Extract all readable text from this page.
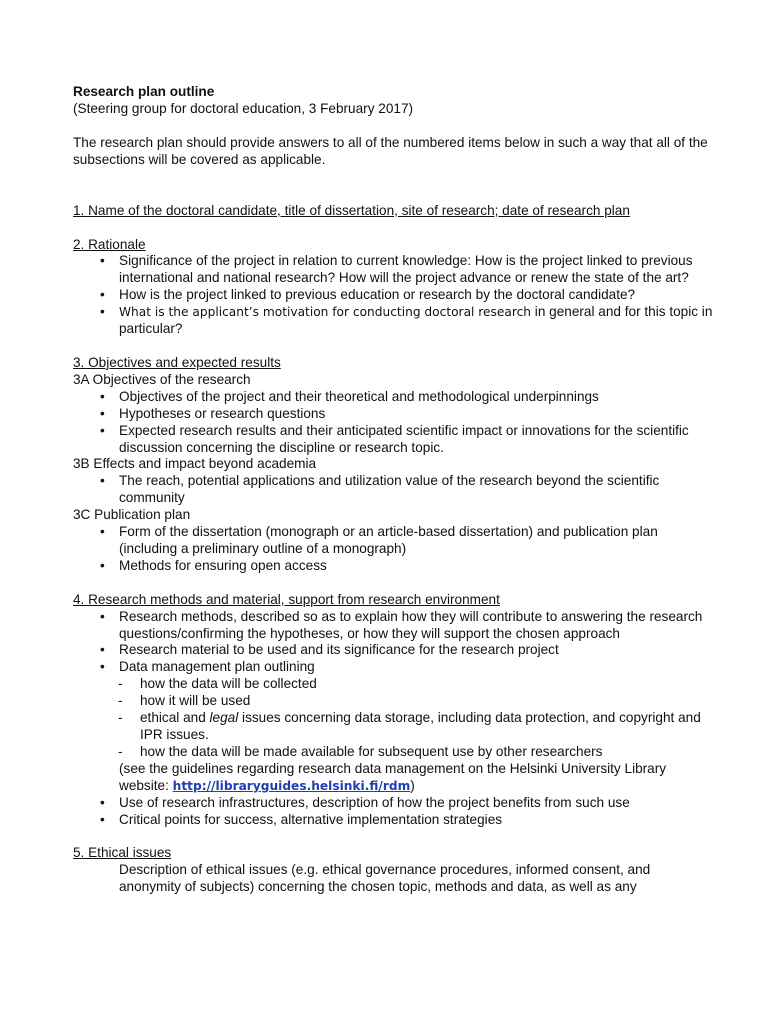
Research plan outline
(Steering group for doctoral education, 3 February 2017)
The research plan should provide answers to all of the numbered items below in such a way that all of the subsections will be covered as applicable.
1. Name of the doctoral candidate, title of dissertation, site of research; date of research plan
2. Rationale
• Significance of the project in relation to current knowledge: How is the project linked to previous international and national research? How will the project advance or renew the state of the art?
• How is the project linked to previous education or research by the doctoral candidate?
• What is the applicant’s motivation for conducting doctoral research in general and for this topic in particular?
3. Objectives and expected results
3A Objectives of the research
• Objectives of the project and their theoretical and methodological underpinnings
• Hypotheses or research questions
• Expected research results and their anticipated scientific impact or innovations for the scientific discussion concerning the discipline or research topic.
3B Effects and impact beyond academia
• The reach, potential applications and utilization value of the research beyond the scientific community
3C Publication plan
• Form of the dissertation (monograph or an article-based dissertation) and publication plan (including a preliminary outline of a monograph)
• Methods for ensuring open access
4. Research methods and material, support from research environment
• Research methods, described so as to explain how they will contribute to answering the research questions/confirming the hypotheses, or how they will support the chosen approach
• Research material to be used and its significance for the research project
• Data management plan outlining
- how the data will be collected
- how it will be used
- ethical and legal issues concerning data storage, including data protection, and copyright and IPR issues.
- how the data will be made available for subsequent use by other researchers
(see the guidelines regarding research data management on the Helsinki University Library website: http://libraryguides.helsinki.fi/rdm)
• Use of research infrastructures, description of how the project benefits from such use
• Critical points for success, alternative implementation strategies
5. Ethical issues
Description of ethical issues (e.g. ethical governance procedures, informed consent, and anonymity of subjects) concerning the chosen topic, methods and data, as well as any
